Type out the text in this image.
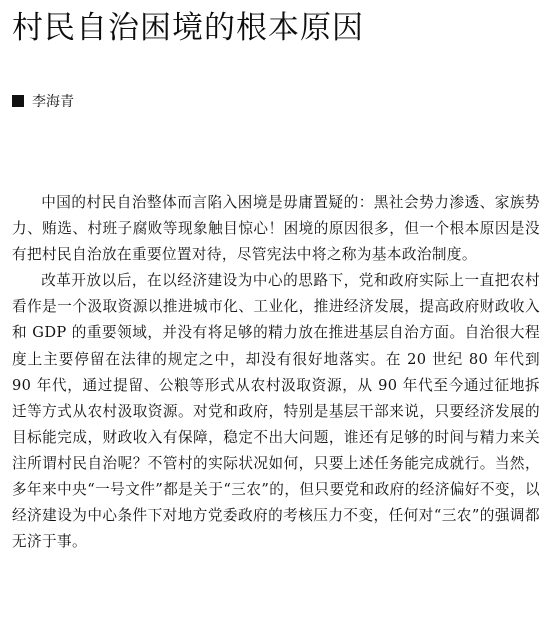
村民自治困境的根本原因
李海青

中国的村民自治整体而言陷入困境是毋庸置疑的：黑社会势力渗透、家族势力、贿选、村班子腐败等现象触目惊心！困境的原因很多，但一个根本原因是没有把村民自治放在重要位置对待，尽管宪法中将之称为基本政治制度。

改革开放以后，在以经济建设为中心的思路下，党和政府实际上一直把农村看作是一个汲取资源以推进城市化、工业化，推进经济发展，提高政府财政收入和 GDP 的重要领域，并没有将足够的精力放在推进基层自治方面。自治很大程度上主要停留在法律的规定之中，却没有很好地落实。在 20 世纪 80 年代到 90 年代，通过提留、公粮等形式从农村汲取资源，从 90 年代至今通过征地拆迁等方式从农村汲取资源。对党和政府，特别是基层干部来说，只要经济发展的目标能完成，财政收入有保障，稳定不出大问题，谁还有足够的时间与精力来关注所谓村民自治呢？不管村的实际状况如何，只要上述任务能完成就行。当然，多年来中央“一号文件”都是关于“三农”的，但只要党和政府的经济偏好不变，以经济建设为中心条件下对地方党委政府的考核压力不变，任何对“三农”的强调都无济于事。
